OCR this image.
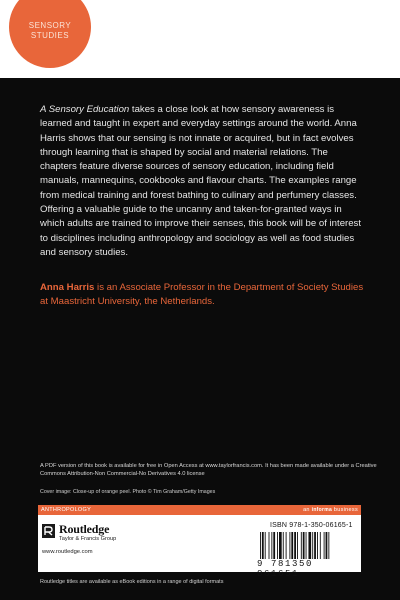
SENSORY
STUDIES
A Sensory Education takes a close look at how sensory awareness is learned and taught in expert and everyday settings around the world. Anna Harris shows that our sensing is not innate or acquired, but in fact evolves through learning that is shaped by social and material relations. The chapters feature diverse sources of sensory education, including field manuals, mannequins, cookbooks and flavour charts. The examples range from medical training and forest bathing to culinary and perfumery classes. Offering a valuable guide to the uncanny and taken-for-granted ways in which adults are trained to improve their senses, this book will be of interest to disciplines including anthropology and sociology as well as food studies and sensory studies.
Anna Harris is an Associate Professor in the Department of Society Studies at Maastricht University, the Netherlands.
A PDF version of this book is available for free in Open Access at www.taylorfrancis.com. It has been made available under a Creative Commons Attribution-Non Commercial-No Derivatives 4.0 license
Cover image: Close-up of orange peel. Photo © Tim Graham/Getty Images
ANTHROPOLOGY	an informa business
Routledge
Taylor & Francis Group
www.routledge.com
ISBN 978-1-350-06165-1
9 781350 061651
Routledge titles are available as eBook editions in a range of digital formats
